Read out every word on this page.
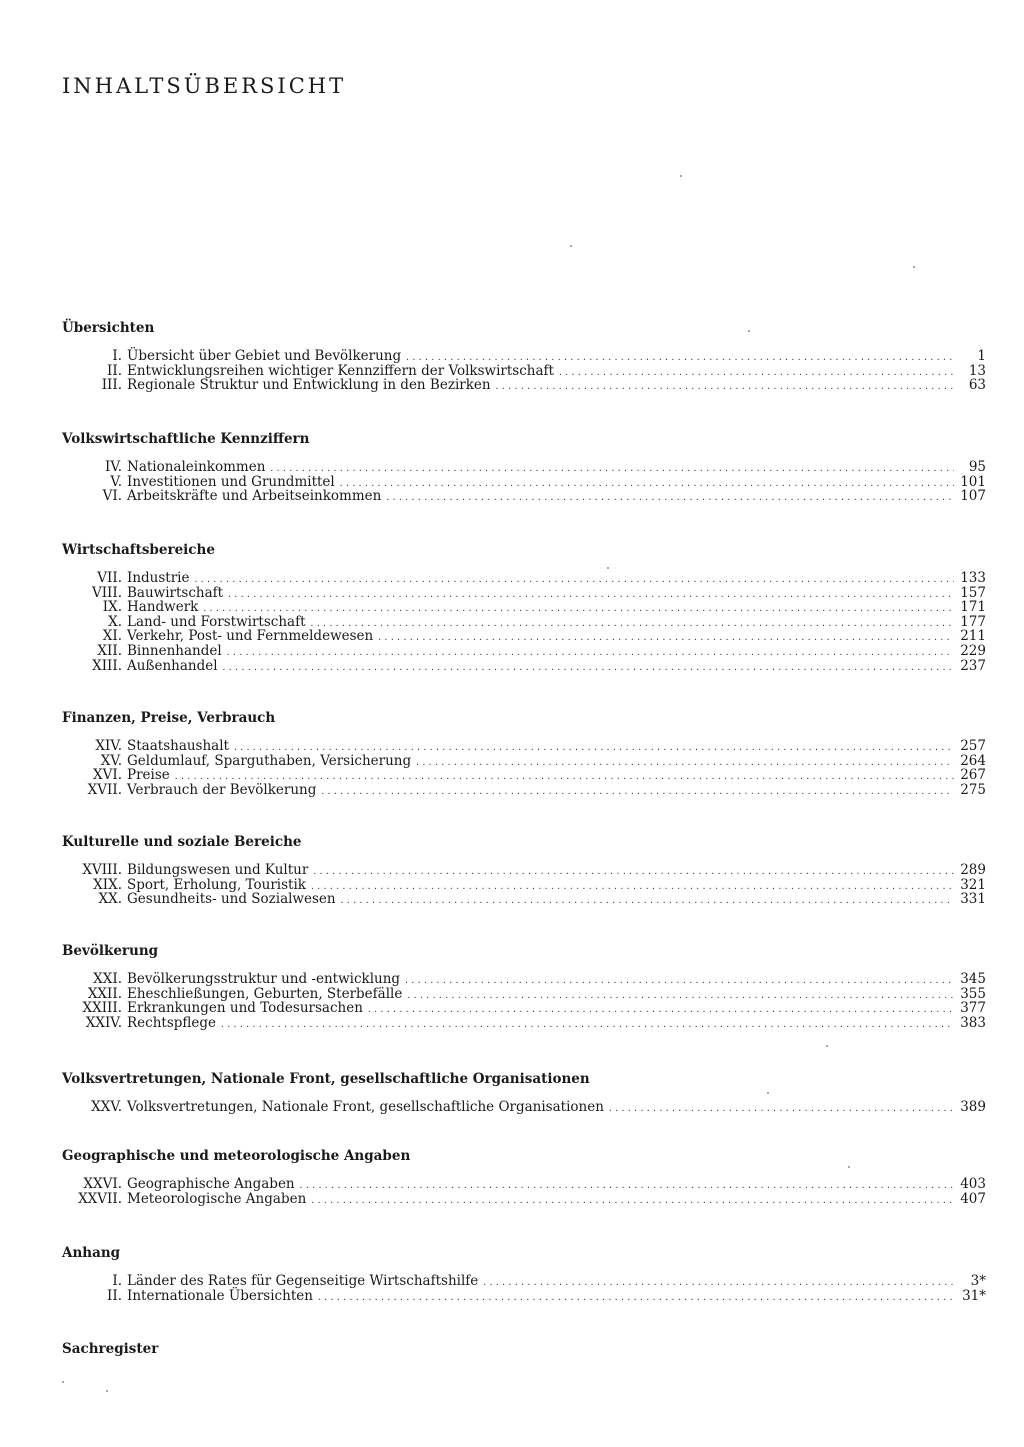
INHALTSÜBERSICHT
Übersichten
I. Übersicht über Gebiet und Bevölkerung .....	1
II. Entwicklungsreihen wichtiger Kennziffern der Volkswirtschaft .....	13
III. Regionale Struktur und Entwicklung in den Bezirken .....	63
Volkswirtschaftliche Kennziffern
IV. Nationaleinkommen .....	95
V. Investitionen und Grundmittel .....	101
VI. Arbeitskräfte und Arbeitseinkommen .....	107
Wirtschaftsbereiche
VII. Industrie .....	133
VIII. Bauwirtschaft .....	157
IX. Handwerk .....	171
X. Land- und Forstwirtschaft .....	177
XI. Verkehr, Post- und Fernmeldewesen .....	211
XII. Binnenhandel .....	229
XIII. Außenhandel .....	237
Finanzen, Preise, Verbrauch
XIV. Staatshaushalt .....	257
XV. Geldumlauf, Sparguthaben, Versicherung .....	264
XVI. Preise .....	267
XVII. Verbrauch der Bevölkerung .....	275
Kulturelle und soziale Bereiche
XVIII. Bildungswesen und Kultur .....	289
XIX. Sport, Erholung, Touristik .....	321
XX. Gesundheits- und Sozialwesen .....	331
Bevölkerung
XXI. Bevölkerungsstruktur und -entwicklung .....	345
XXII. Eheschließungen, Geburten, Sterbefälle .....	355
XXIII. Erkrankungen und Todesursachen .....	377
XXIV. Rechtspflege .....	383
Volksvertretungen, Nationale Front, gesellschaftliche Organisationen
XXV. Volksvertretungen, Nationale Front, gesellschaftliche Organisationen .....	389
Geographische und meteorologische Angaben
XXVI. Geographische Angaben .....	403
XXVII. Meteorologische Angaben .....	407
Anhang
I. Länder des Rates für Gegenseitige Wirtschaftshilfe .....	3*
II. Internationale Übersichten .....	31*
Sachregister
